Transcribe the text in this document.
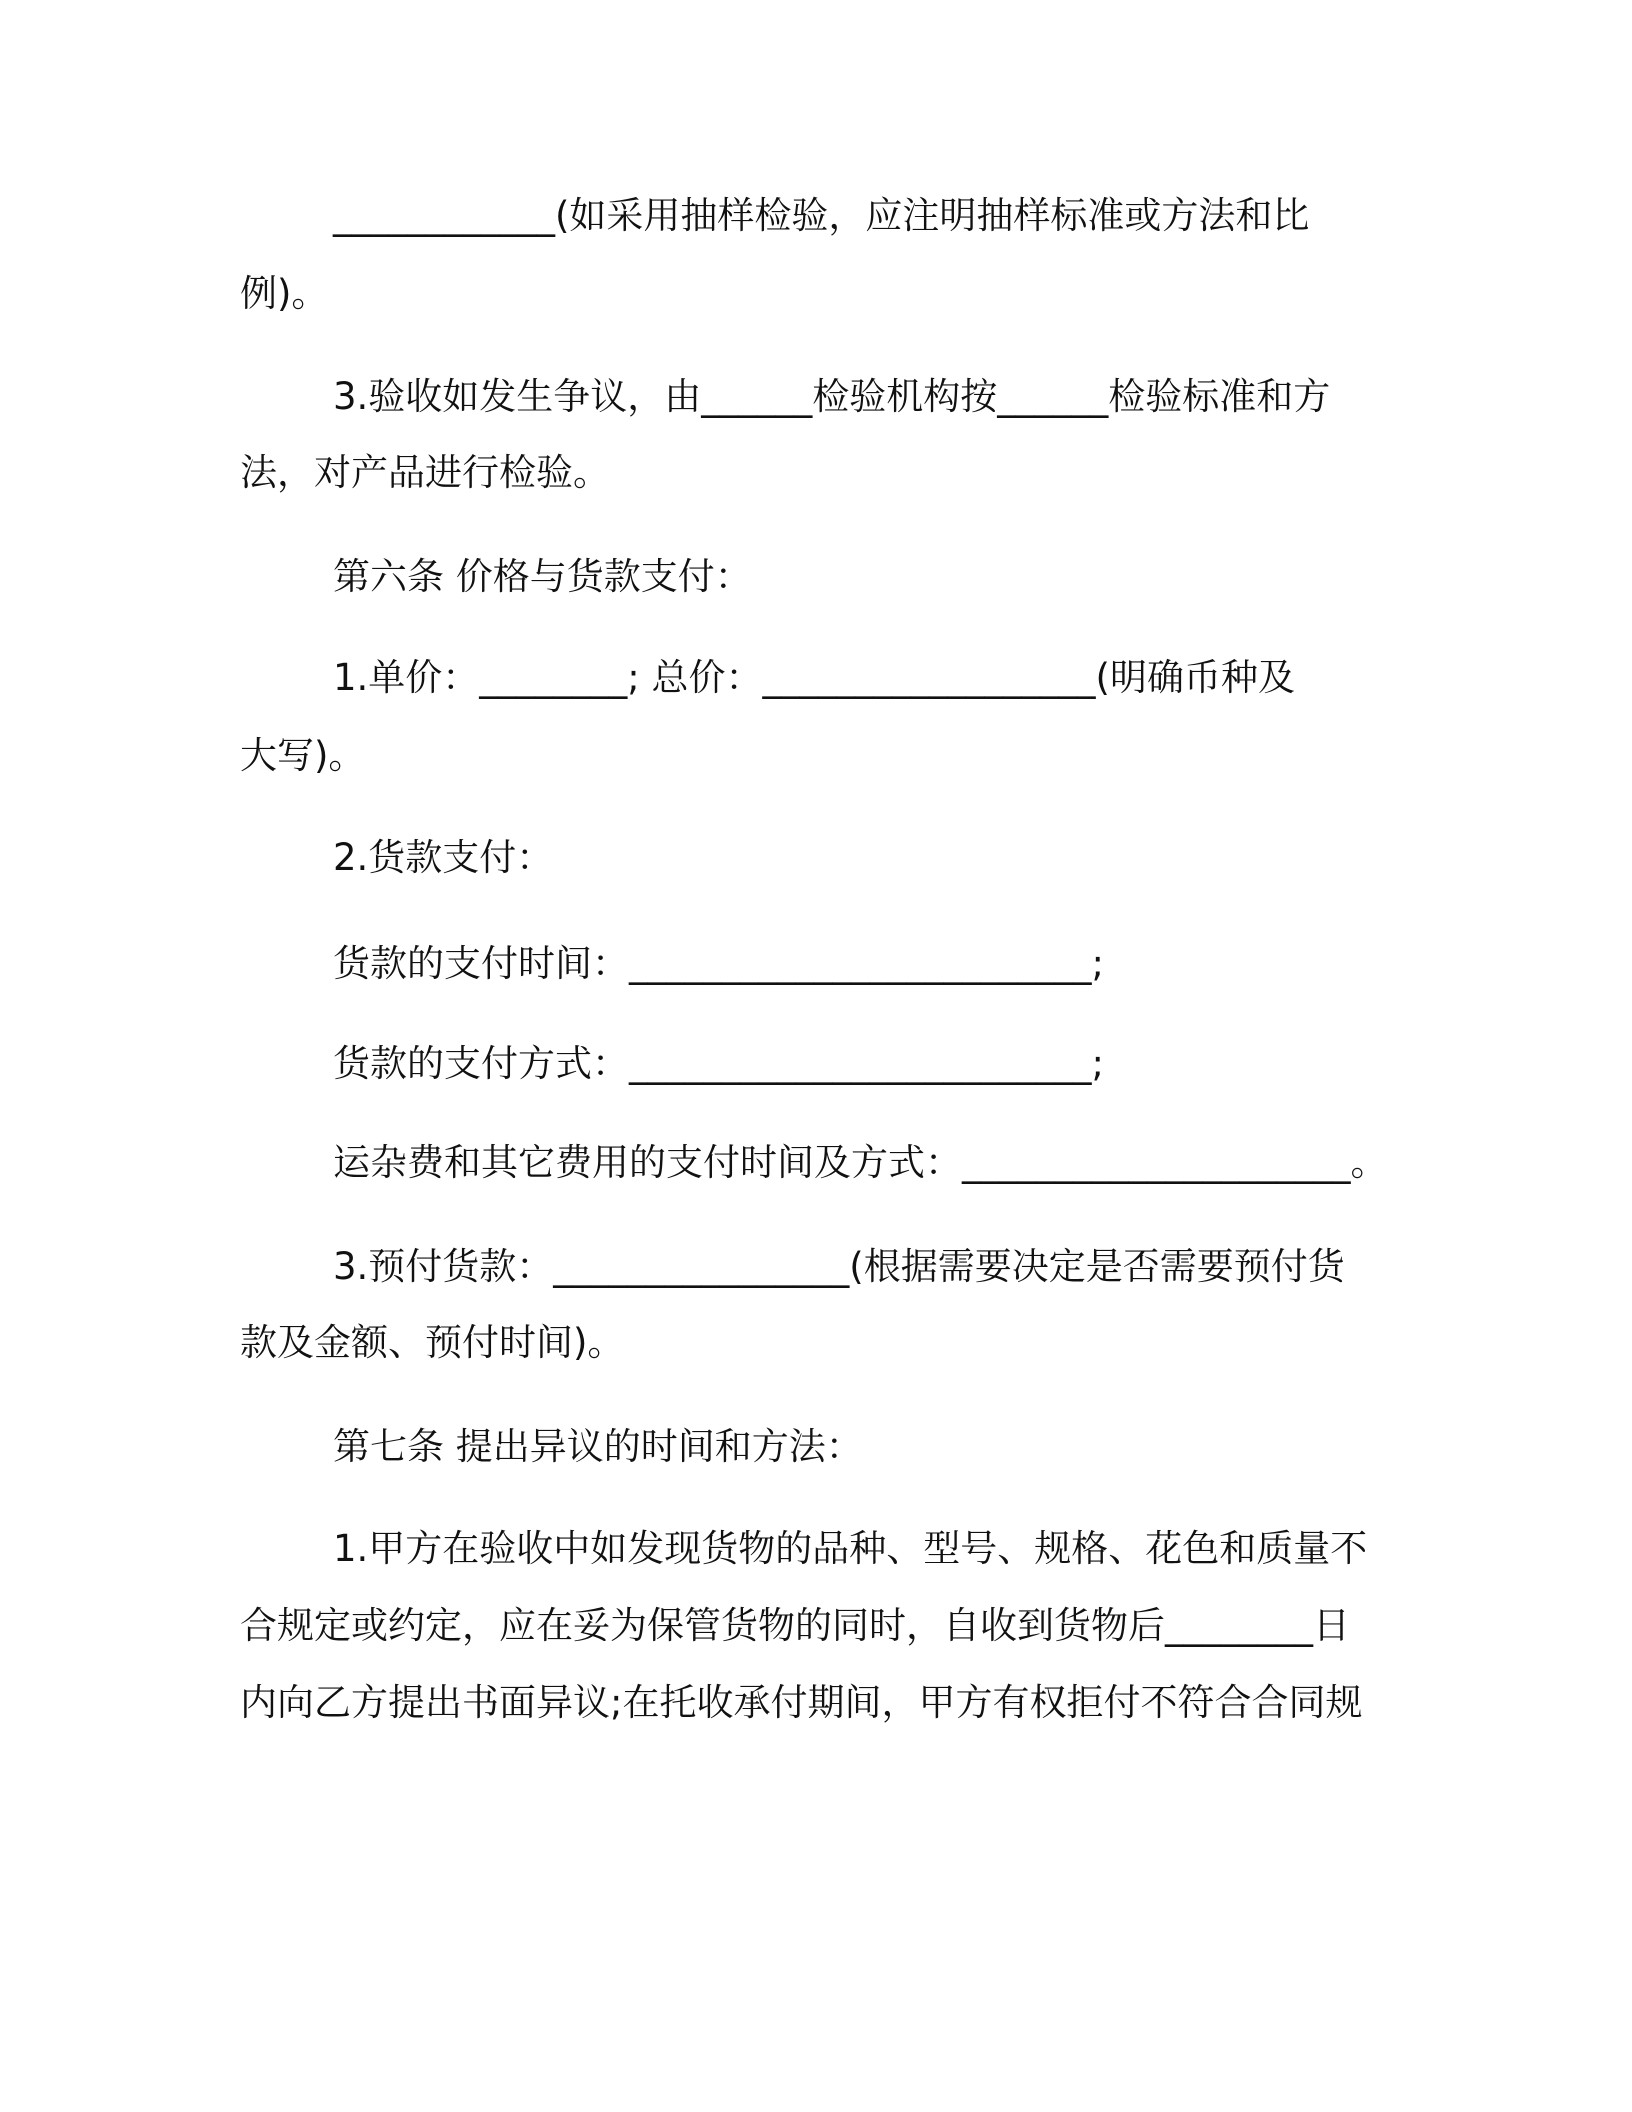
____________(如采用抽样检验，应注明抽样标准或方法和比
例)。
3.验收如发生争议，由______检验机构按______检验标准和方
法，对产品进行检验。
第六条 价格与货款支付：
1.单价：________; 总价：__________________(明确币种及
大写)。
2.货款支付：
货款的支付时间：_________________________;
货款的支付方式：_________________________;
运杂费和其它费用的支付时间及方式：_____________________。
3.预付货款：________________(根据需要决定是否需要预付货
款及金额、预付时间)。
第七条 提出异议的时间和方法：
1.甲方在验收中如发现货物的品种、型号、规格、花色和质量不
合规定或约定，应在妥为保管货物的同时，自收到货物后________日
内向乙方提出书面异议;在托收承付期间，甲方有权拒付不符合合同规
